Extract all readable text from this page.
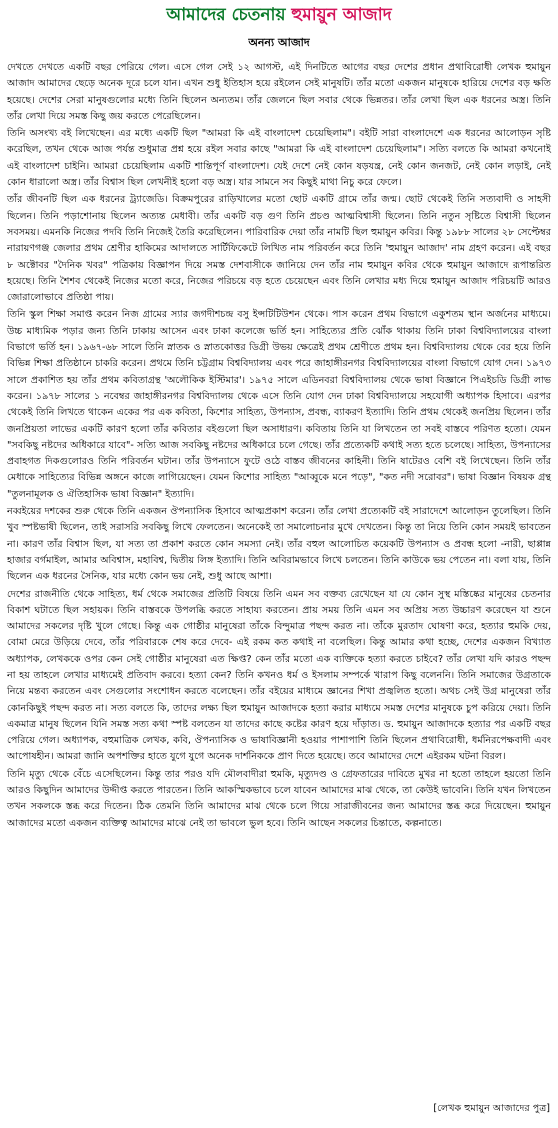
আমাদের চেতনায় হুমায়ুন আজাদ
অনন্য আজাদ

দেখতে দেখতে একটি বছর পেরিয়ে গেল। এসে গেল সেই ১২ আগস্ট, এই দিনটিতে আগের বছর দেশের প্রধান প্রথাবিরোধী লেখক হুমায়ুন আজাদ আমাদের ছেড়ে অনেক দূরে চলে যান। এখন শুধু ইতিহাস হয়ে রইলেন সেই মানুষটি। তাঁর মতো একজন মানুষকে হারিয়ে দেশের বড় ক্ষতি হয়েছে। দেশের সেরা মানুষগুলোর মধ্যে তিনি ছিলেন অন্যতম। তাঁর জেলনে ছিল সবার থেকে ভিন্নতর। তাঁর লেখা ছিল এক ধরনের অস্ত্র। তিনি তাঁর লেখা দিয়ে সমস্ত কিছু জয় করতে পেরেছিলেন।

তিনি অসংখ্য বই লিখেছেন। এর মধ্যে একটি ছিল "আমরা কি এই বাংলাদেশ চেয়েছিলাম"। বইটি সারা বাংলাদেশে এক ধরনের আলোড়ন সৃষ্টি করেছিল, তখন থেকে আজ পর্যন্ত শুধুমাত্র প্রশ্ন হয়ে রইল সবার কাছে "আমরা কি এই বাংলাদেশ চেয়েছিলাম"। সত্যি বলতে কি আমরা কখনোই এই বাংলাদেশ চাইনি। আমরা চেয়েছিলাম একটি শান্তিপূর্ণ বাংলাদেশ। যেই দেশে নেই কোন ষড়যন্ত্র, নেই কোন জনজট, নেই কোন লড়াই, নেই কোন ধারালো অস্ত্র। তাঁর বিশ্বাস ছিল লেখনীই হলো বড় অস্ত্র। যার সামনে সব কিছুই মাথা নিচু করে ফেলে।

তাঁর জীবনটি ছিল এক ধরনের ট্র্যাজেডি। বিক্রমপুরের রাড়িখালের মতো ছোট একটি গ্রামে তাঁর জন্ম। ছোট থেকেই তিনি সত্যবাদী ও সাহসী ছিলেন। তিনি পড়াশোনায় ছিলেন অত্যন্ত মেধাবী। তাঁর একটি বড় গুণ তিনি প্রচণ্ড আত্মবিশ্বাসী ছিলেন। তিনি নতুন সৃষ্টিতে বিশ্বাসী ছিলেন সবসময়। এমনকি নিজের পদবি তিনি নিজেই তৈরি করেছিলেন। পারিবারিক দেয়া তাঁর নামটি ছিল হুমায়ুন কবির। কিন্তু ১৯৮৮ সালের ২৮ সেপ্টেম্বর নারায়ণগঞ্জ জেলার প্রথম শ্রেণীর হাকিমের আদালতে সার্টিফিকেটে লিখিত নাম পরিবর্তন করে তিনি 'হুমায়ুন আজাদ' নাম গ্রহণ করেন। এই বছর ৮ অক্টোবর "দৈনিক খবর" পত্রিকায় বিজ্ঞাপন দিয়ে সমস্ত দেশবাসীকে জানিয়ে দেন তাঁর নাম হুমায়ুন কবির থেকে হুমায়ুন আজাদে রূপান্তরিত হয়েছে। তিনি শৈশব থেকেই নিজের মতো করে, নিজের পরিচয়ে বড় হতে চেয়েছেন এবং তিনি লেখার মধ্য দিয়ে হুমায়ুন আজাদ পরিচয়টি আরও জোরালোভাবে প্রতিষ্ঠা পায়।

তিনি স্কুল শিক্ষা সমাপ্ত করেন নিজ গ্রামের স্যার জগদীশচন্দ্র বসু ইন্সটিটিউশন থেকে। পাস করেন প্রথম বিভাগে একুশতম স্থান অর্জনের মাধ্যমে। উচ্চ মাধ্যমিক পড়ার জন্য তিনি ঢাকায় আসেন এবং ঢাকা কলেজে ভর্তি হন। সাহিত্যের প্রতি ঝোঁক থাকায় তিনি ঢাকা বিশ্ববিদ্যালয়ের বাংলা বিভাগে ভর্তি হন। ১৯৬৭-৬৮ সালে তিনি স্নাতক ও স্নাতকোত্তর ডিগ্রী উভয় ক্ষেত্রেই প্রথম শ্রেণীতে প্রথম হন। বিশ্ববিদ্যালয় থেকে বের হয়ে তিনি বিভিন্ন শিক্ষা প্রতিষ্ঠানে চাকরি করেন। প্রথমে তিনি চট্টগ্রাম বিশ্ববিদ্যালয় এবং পরে জাহাঙ্গীরনগর বিশ্ববিদ্যালয়ের বাংলা বিভাগে যোগ দেন। ১৯৭৩ সালে প্রকাশিত হয় তাঁর প্রথম কবিতাগ্রন্থ 'অলৌকিক ইস্টিমার'। ১৯৭৫ সালে এডিনবরা বিশ্ববিদ্যালয় থেকে ভাষা বিজ্ঞানে পিএইচডি ডিগ্রী লাভ করেন। ১৯৭৮ সালের ১ নবেম্বর জাহাঙ্গীরনগর বিশ্ববিদ্যালয় থেকে এসে তিনি যোগ দেন ঢাকা বিশ্ববিদ্যালয়ে সহযোগী অধ্যাপক হিসাবে। এরপর থেকেই তিনি লিখতে থাকেন একের পর এক কবিতা, কিশোর সাহিত্য, উপন্যাস, প্রবন্ধ, ব্যাকরণ ইত্যাদি। তিনি প্রথম থেকেই জনপ্রিয় ছিলেন। তাঁর জনপ্রিয়তা লাভের একটি কারণ হলো তাঁর কবিতার বইগুলো ছিল অসাধারণ। কবিতায় তিনি যা লিখতেন তা সবই বাস্তবে পরিণত হতো। যেমন "সবকিছু নষ্টদের অধিকারে যাবে"- সত্যি আজ সবকিছু নষ্টদের অধিকারে চলে গেছে। তাঁর প্রত্যেকটি কথাই সত্য হতে চলেছে। সাহিত্য, উপন্যাসের প্রবাহগত দিকগুলোরও তিনি পরিবর্তন ঘটান। তাঁর উপন্যাসে ফুটে ওঠে বাস্তব জীবনের কাহিনী। তিনি ষাটেরও বেশি বই লিখেছেন। তিনি তাঁর মেধাকে সাহিত্যের বিভিন্ন অঙ্গনে কাজে লাগিয়েছেন। যেমন কিশোর সাহিত্য "আব্বুকে মনে পড়ে", "কত নদী সরোবর"। ভাষা বিজ্ঞান বিষয়ক গ্রন্থ "তুলনামূলক ও ঐতিহাসিক ভাষা বিজ্ঞান" ইত্যাদি।

নব্বইয়ের দশকের শুরু থেকে তিনি একজন ঔপন্যাসিক হিসাবে আত্মপ্রকাশ করেন। তাঁর লেখা প্রত্যেকটি বই সারাদেশে আলোড়ন তুলেছিল। তিনি খুব স্পষ্টভাষী ছিলেন, তাই সরাসরি সবকিছু লিখে ফেলতেন। অনেকেই তা সমালোচনার মুখে দেখতেন। কিন্তু তা নিয়ে তিনি কোন সময়ই ভাবতেন না। কারণ তাঁর বিশ্বাস ছিল, যা সত্য তা প্রকাশ করতে কোন সমস্যা নেই। তাঁর বহুল আলোচিত কয়েকটি উপন্যাস ও প্রবন্ধ হলো -নারী, ছাপ্পান্ন হাজার বর্গমাইল, আমার অবিশ্বাস, মহাবিশ্ব, দ্বিতীয় লিঙ্গ ইত্যাদি। তিনি অবিরামভাবে লিখে চলতেন। তিনি কাউকে ভয় পেতেন না। বলা যায়, তিনি ছিলেন এক ধরনের সৈনিক, যার মধ্যে কোন ভয় নেই, শুধু আছে আশা।

দেশের রাজনীতি থেকে সাহিত্য, ধর্ম থেকে সমাজের প্রতিটি বিষয়ে তিনি এমন সব বক্তব্য রেখেছেন যা যে কোন সুস্থ মস্তিষ্কের মানুষের চেতনার বিকাশ ঘটাতে ছিল সহায়ক। তিনি বাস্তবকে উপলব্ধি করতে সাহায্য করতেন। প্রায় সময় তিনি এমন সব অপ্রিয় সত্য উচ্চারণ করেছেন যা শুনে আমাদের সকলের দৃষ্টি খুলে গেছে। কিন্তু এক গোষ্ঠীর মানুষেরা তাঁকে বিন্দুমাত্র পছন্দ করত না। তাঁকে মুরতাদ ঘোষণা করে, হত্যার হুমকি দেয়, বোমা মেরে উড়িয়ে দেবে, তাঁর পরিবারকে শেষ করে দেবে- এই রকম কত কথাই না বলেছিল। কিন্তু আমার কথা হচ্ছে, দেশের একজন বিখ্যাত অধ্যাপক, লেখককে ওপর কেন সেই গোষ্ঠীর মানুষেরা এত ক্ষিপ্ত? কেন তাঁর মতো এক ব্যক্তিকে হত্যা করতে চাইবে? তাঁর লেখা যদি কারও পছন্দ না হয় তাহলে লেখার মাধ্যমেই প্রতিবাদ করবে। হত্যা কেন? তিনি কখনও ধর্ম ও ইসলাম সম্পর্কে খারাপ কিছু বলেননি। তিনি সমাজের উগ্রতাকে নিয়ে মন্তব্য করতেন এবং সেগুলোর সংশোধন করতে বলেছেন। তাঁর বইয়ের মাধ্যমে জ্ঞানের শিখা প্রজ্বলিত হতো। অথচ সেই উগ্র মানুষেরা তাঁর কোনকিছুই পছন্দ করত না। সত্য বলতে কি, তাদের লক্ষ্য ছিল হুমায়ুন আজাদকে হত্যা করার মাধ্যমে সমস্ত দেশের মানুষকে চুপ করিয়ে দেয়া। তিনি একমাত্র মানুষ ছিলেন যিনি সমস্ত সত্য কথা স্পষ্ট বলতেন যা তাদের কাছে কষ্টের কারণ হয়ে দাঁড়াত। ড. হুমায়ুন আজাদকে হত্যার পর একটি বছর পেরিয়ে গেল। অধ্যাপক, বহুমাত্রিক লেখক, কবি, ঔপন্যাসিক ও ভাষাবিজ্ঞানী হওয়ার পাশাপাশি তিনি ছিলেন প্রথাবিরোধী, ধর্মনিরপেক্ষবাদী এবং আপোষহীন। আমরা জানি অপশক্তির হাতে যুগে যুগে অনেক দার্শনিককে প্রাণ দিতে হয়েছে। তবে আমাদের দেশে এইরকম ঘটনা বিরল।

তিনি মৃত্যু থেকে বেঁচে এসেছিলেন। কিন্তু তার পরও যদি মৌলবাদীরা হুমকি, মৃত্যুদণ্ড ও গ্রেফতারের দাবিতে মুখর না হতো তাহলে হয়তো তিনি আরও কিছুদিন আমাদের উদ্দীপ্ত করতে পারতেন। তিনি আকস্মিকভাবে চলে যাবেন আমাদের মাঝ থেকে, তা কেউই ভাবেনি। তিনি যখন লিখতেন তখন সকলকে স্তব্ধ করে দিতেন। ঠিক তেমনি তিনি আমাদের মাঝ থেকে চলে গিয়ে সারাজীবনের জন্য আমাদের স্তব্ধ করে দিয়েছেন। হুমায়ুন আজাদের মতো একজন ব্যক্তিত্ব আমাদের মাঝে নেই তা ভাবলে ভুল হবে। তিনি আছেন সকলের চিন্তাতে, কল্পনাতে।

[লেখক হুমায়ুন আজাদের পুত্র]
